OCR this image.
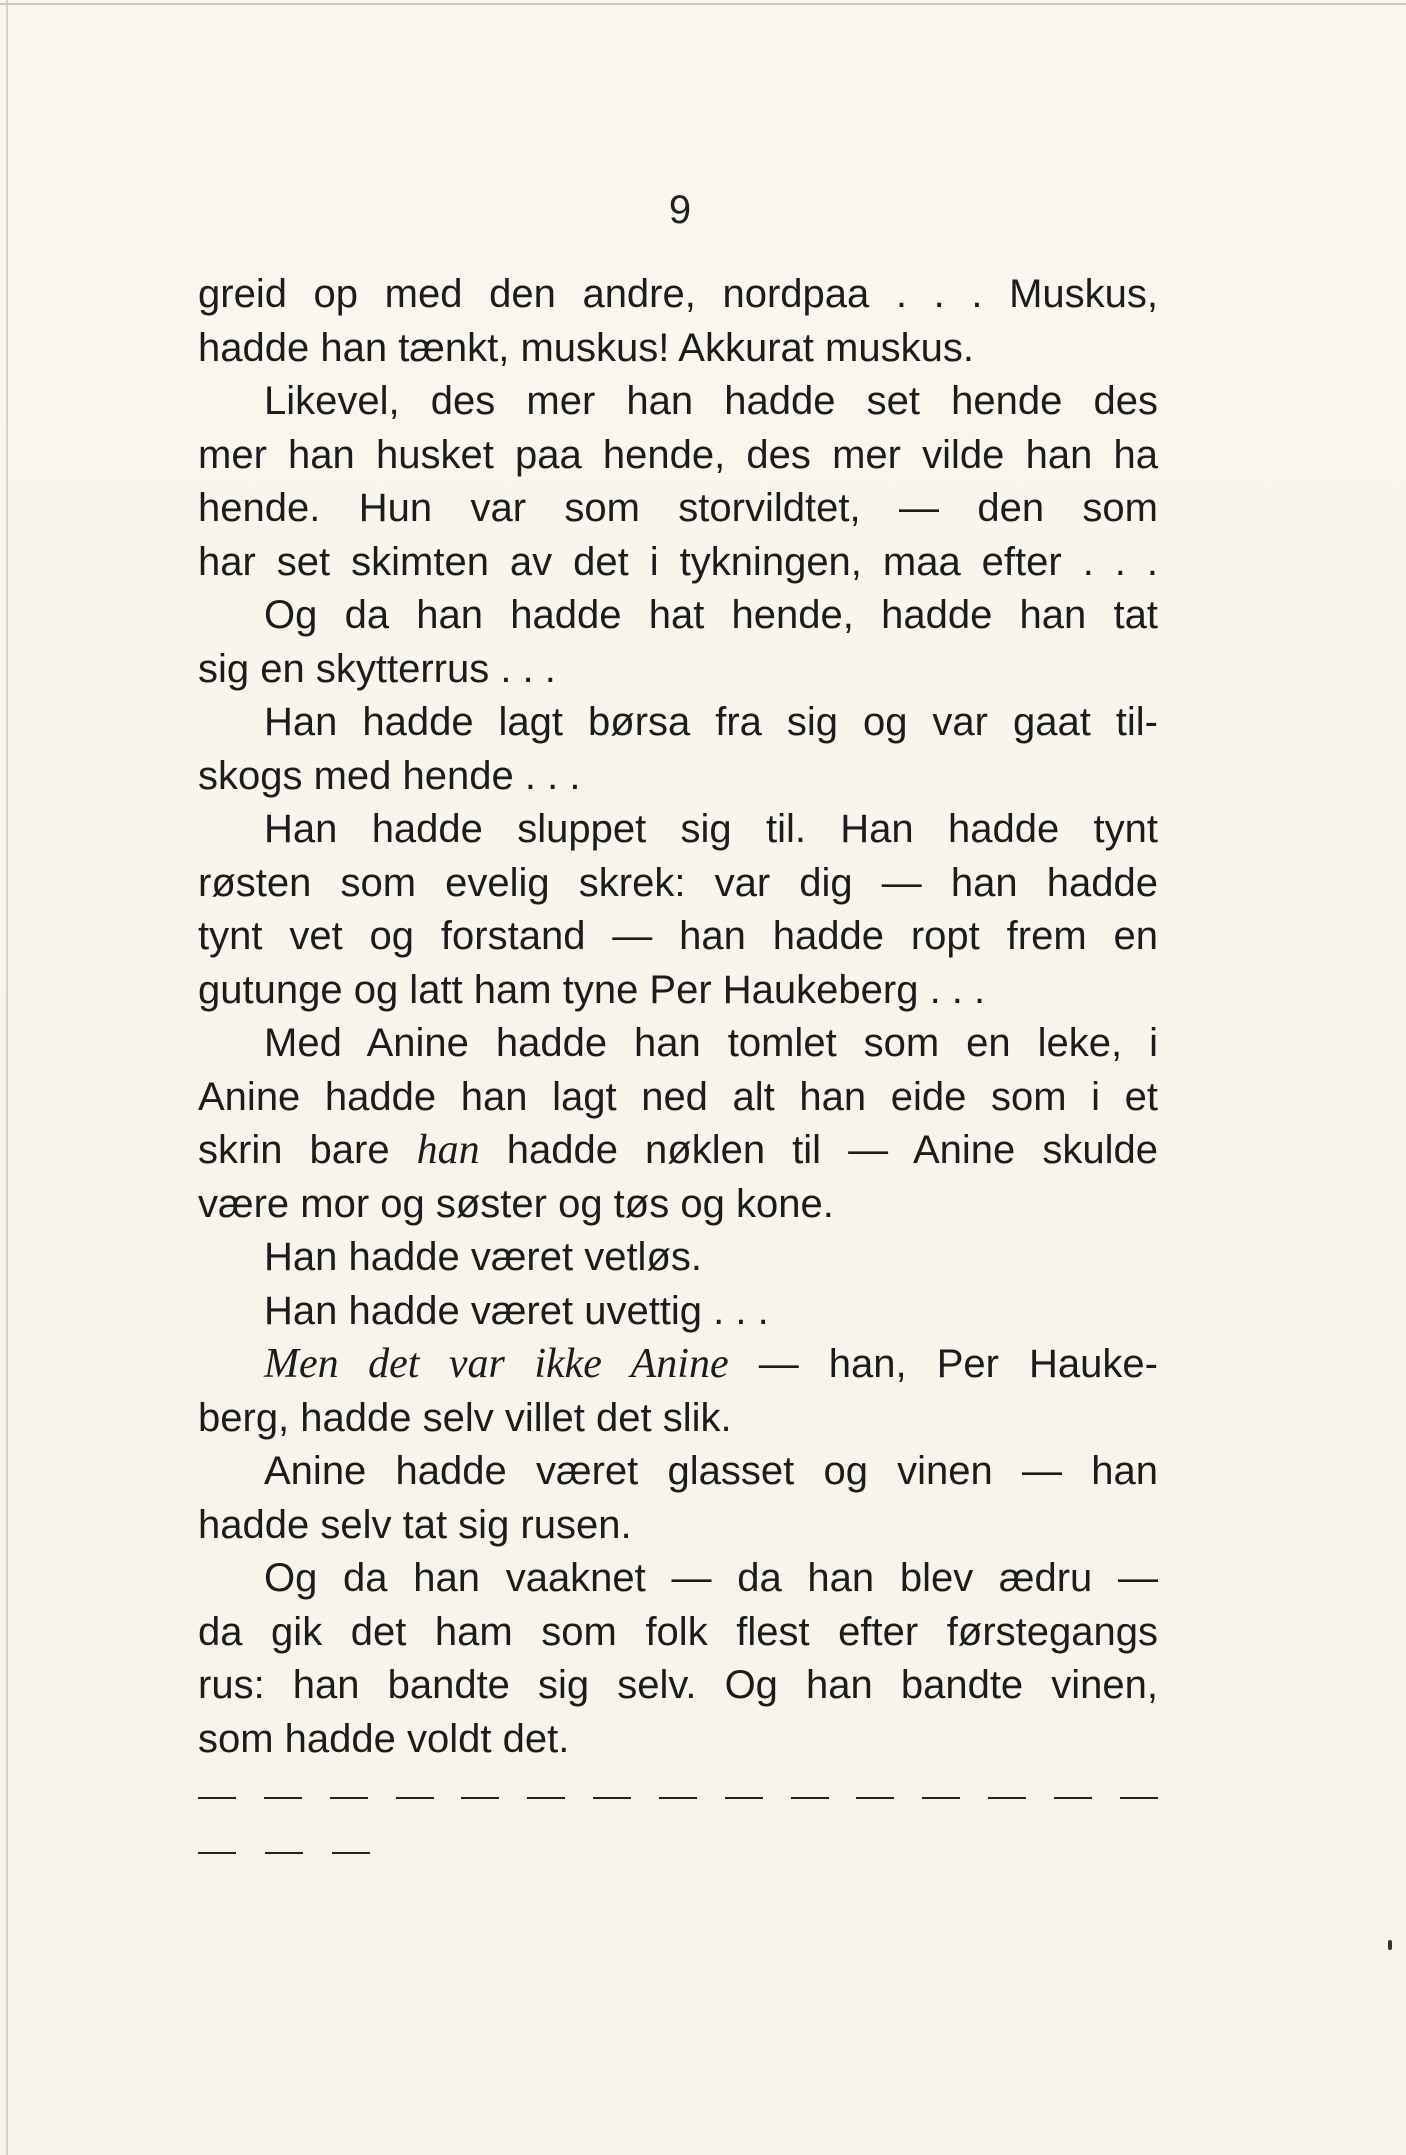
9
greid op med den andre, nordpaa . . . Muskus,
hadde han tænkt, muskus! Akkurat muskus.
Likevel, des mer han hadde set hende des
mer han husket paa hende, des mer vilde han ha
hende. Hun var som storvildtet, — den som
har set skimten av det i tykningen, maa efter . . .
Og da han hadde hat hende, hadde han tat
sig en skytterrus . . .
Han hadde lagt børsa fra sig og var gaat til-
skogs med hende . . .
Han hadde sluppet sig til. Han hadde tynt
røsten som evelig skrek: var dig — han hadde
tynt vet og forstand — han hadde ropt frem en
gutunge og latt ham tyne Per Haukeberg . . .
Med Anine hadde han tomlet som en leke, i
Anine hadde han lagt ned alt han eide som i et
skrin bare han hadde nøklen til — Anine skulde
være mor og søster og tøs og kone.
Han hadde været vetløs.
Han hadde været uvettig . . .
Men det var ikke Anine — han, Per Hauke-
berg, hadde selv villet det slik.
Anine hadde været glasset og vinen — han
hadde selv tat sig rusen.
Og da han vaaknet — da han blev ædru —
da gik det ham som folk flest efter førstegangs
rus: han bandte sig selv. Og han bandte vinen,
som hadde voldt det.
